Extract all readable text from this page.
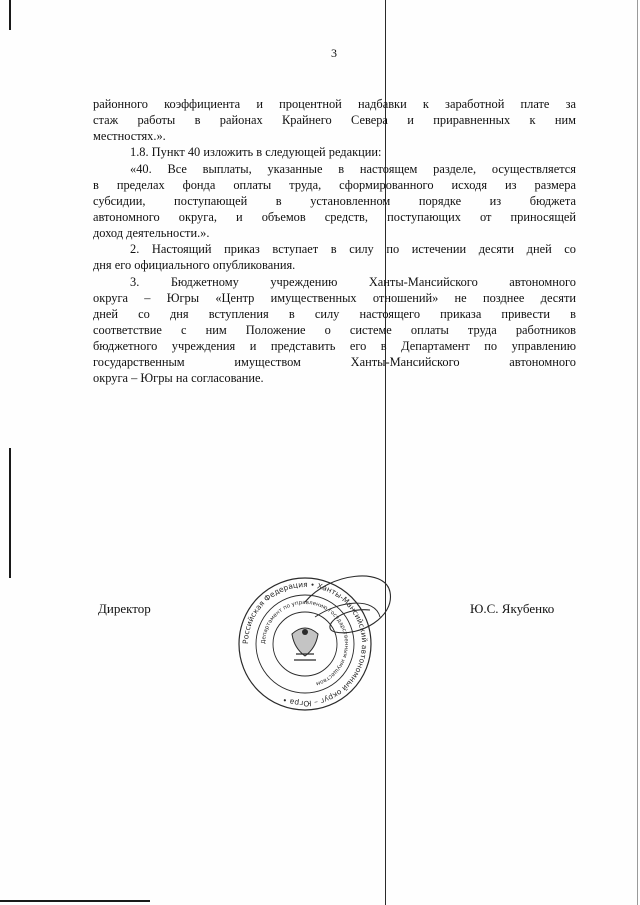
3
районного коэффициента и процентной надбавки к заработной плате за
стаж работы в районах Крайнего Севера и приравненных к ним
местностях.».
1.8. Пункт 40 изложить в следующей редакции:
«40. Все выплаты, указанные в настоящем разделе, осуществляется
в пределах фонда оплаты труда, сформированного исходя из размера
субсидии, поступающей в установленном порядке из бюджета
автономного округа, и объемов средств, поступающих от приносящей
доход деятельности.».
2. Настоящий приказ вступает в силу по истечении десяти дней со
дня его официального опубликования.
3. Бюджетному учреждению Ханты-Мансийского автономного
округа – Югры «Центр имущественных отношений» не позднее десяти
дней со дня вступления в силу настоящего приказа привести в
соответствие с ним Положение о системе оплаты труда работников
бюджетного учреждения и представить его в Департамент по управлению
государственным имуществом Ханты-Мансийского автономного
округа – Югры на согласование.
Директор	Ю.С. Якубенко
Российская Федерация • Ханты-Мансийский автономный округ – Югра •
Департамент по управлению государственным имуществом
